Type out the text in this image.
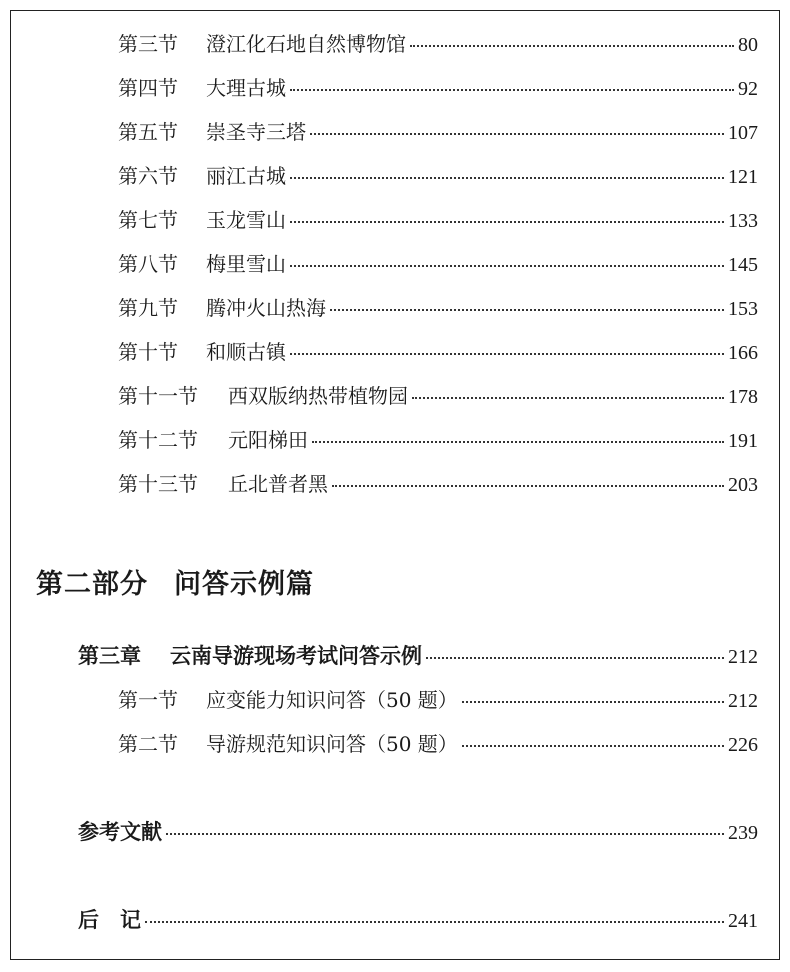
第三节	澄江化石地自然博物馆	80
第四节	大理古城	92
第五节	崇圣寺三塔	107
第六节	丽江古城	121
第七节	玉龙雪山	133
第八节	梅里雪山	145
第九节	腾冲火山热海	153
第十节	和顺古镇	166
第十一节	西双版纳热带植物园	178
第十二节	元阳梯田	191
第十三节	丘北普者黑	203
第二部分 问答示例篇
第三章	云南导游现场考试问答示例	212
第一节	应变能力知识问答（50 题）	212
第二节	导游规范知识问答（50 题）	226
参考文献	239
后　记	241
